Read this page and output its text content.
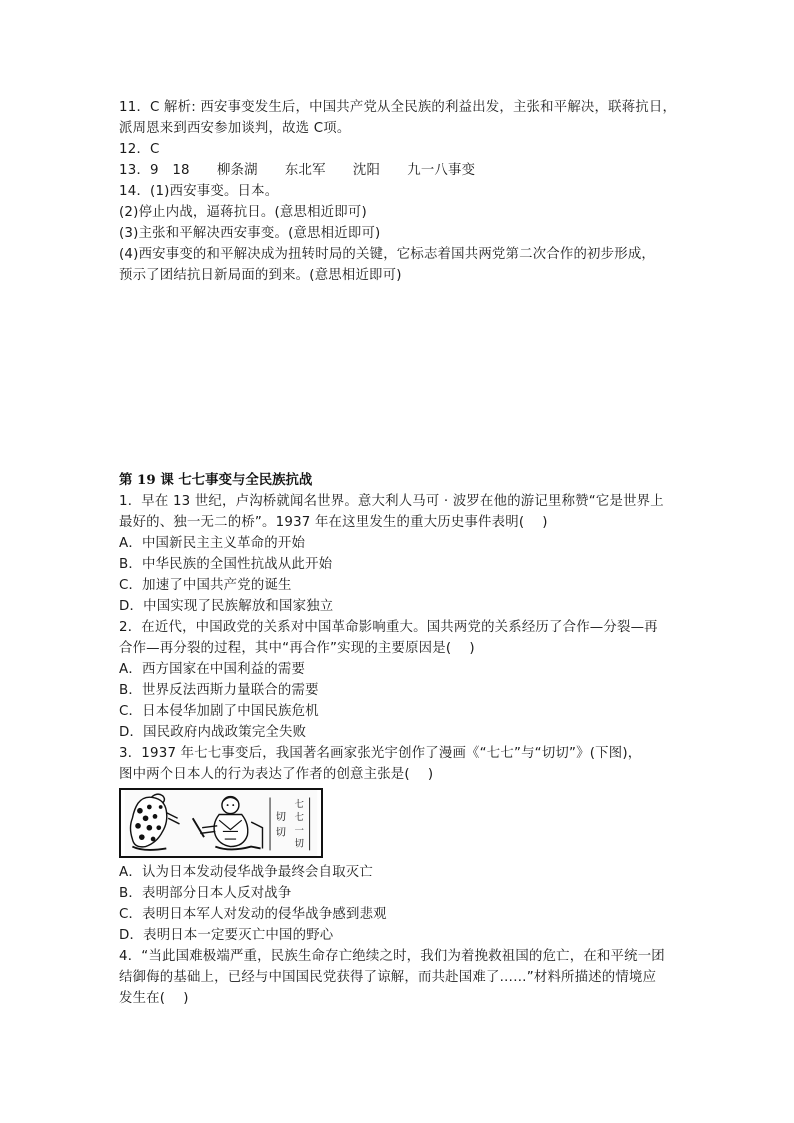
11．C 解析: 西安事变发生后，中国共产党从全民族的利益出发，主张和平解决，联蒋抗日，
派周恩来到西安参加谈判，故选 C项。
12．C
13．9　18　　柳条湖　　东北军　　沈阳　　九一八事变
14．(1)西安事变。日本。
(2)停止内战，逼蒋抗日。(意思相近即可)
(3)主张和平解决西安事变。(意思相近即可)
(4)西安事变的和平解决成为扭转时局的关键，它标志着国共两党第二次合作的初步形成，
预示了团结抗日新局面的到来。(意思相近即可)
第 19 课 七七事变与全民族抗战
1．早在 13 世纪，卢沟桥就闻名世界。意大利人马可 · 波罗在他的游记里称赞“它是世界上
最好的、独一无二的桥”。1937 年在这里发生的重大历史事件表明(　 )
A．中国新民主主义革命的开始
B．中华民族的全国性抗战从此开始
C．加速了中国共产党的诞生
D．中国实现了民族解放和国家独立
2．在近代，中国政党的关系对中国革命影响重大。国共两党的关系经历了合作—分裂—再
合作—再分裂的过程，其中“再合作”实现的主要原因是(　 )
A．西方国家在中国利益的需要
B．世界反法西斯力量联合的需要
C．日本侵华加剧了中国民族危机
D．国民政府内战政策完全失败
3．1937 年七七事变后，我国著名画家张光宇创作了漫画《“七七”与“切切”》(下图)，
图中两个日本人的行为表达了作者的创意主张是(　 )
切
切
七
七
一
切
A．认为日本发动侵华战争最终会自取灭亡
B．表明部分日本人反对战争
C．表明日本军人对发动的侵华战争感到悲观
D．表明日本一定要灭亡中国的野心
4．“当此国难极端严重，民族生命存亡绝续之时，我们为着挽救祖国的危亡，在和平统一团
结御侮的基础上，已经与中国国民党获得了谅解，而共赴国难了……”材料所描述的情境应
发生在(　 )
